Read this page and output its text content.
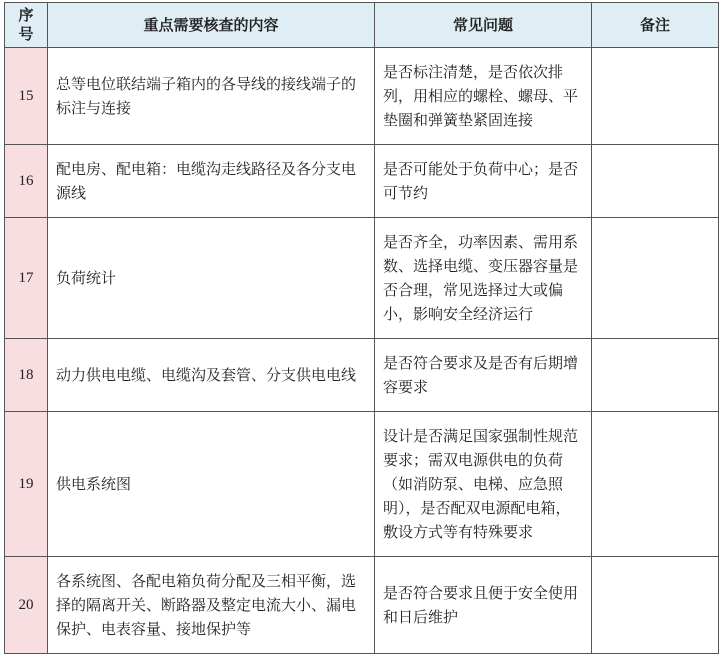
序
号	重点需要核查的内容	常见问题	备注
15	总等电位联结端子箱内的各导线的接线端子的标注与连接	是否标注清楚，是否依次排列，用相应的螺栓、螺母、平垫圈和弹簧垫紧固连接	
16	配电房、配电箱：电缆沟走线路径及各分支电源线	是否可能处于负荷中心；是否可节约	
17	负荷统计	是否齐全，功率因素、需用系数、选择电缆、变压器容量是否合理，常见选择过大或偏小，影响安全经济运行	
18	动力供电电缆、电缆沟及套管、分支供电电线	是否符合要求及是否有后期增容要求	
19	供电系统图	设计是否满足国家强制性规范要求；需双电源供电的负荷（如消防泵、电梯、应急照明），是否配双电源配电箱，敷设方式等有特殊要求	
20	各系统图、各配电箱负荷分配及三相平衡，选择的隔离开关、断路器及整定电流大小、漏电保护、电表容量、接地保护等	是否符合要求且便于安全使用和日后维护	
